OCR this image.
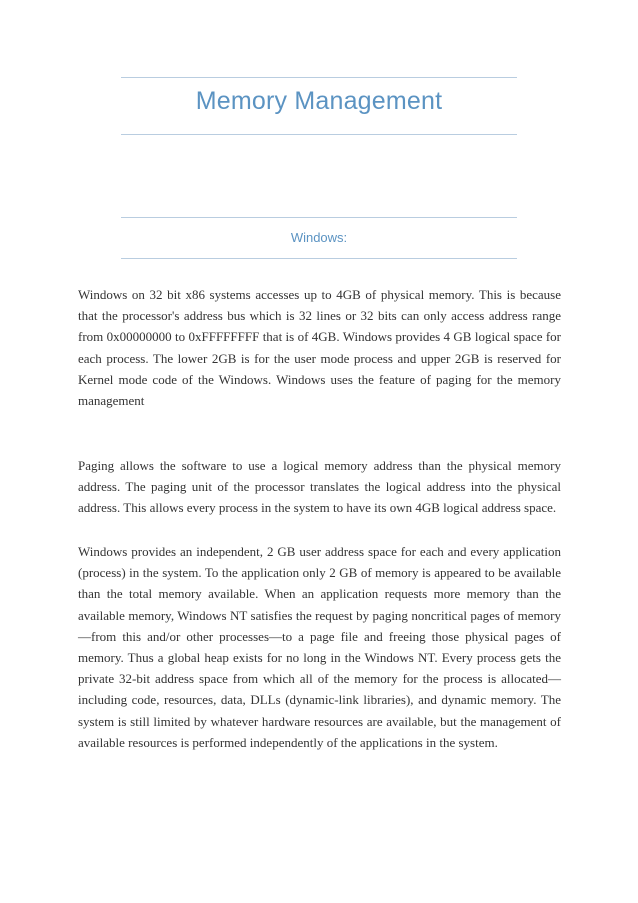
Memory Management
Windows:

Windows on 32 bit x86 systems accesses up to 4GB of physical memory. This is because that the processor's address bus which is 32 lines or 32 bits can only access address range from 0x00000000 to 0xFFFFFFFF that is of 4GB. Windows provides 4 GB logical space for each process. The lower 2GB is for the user mode process and upper 2GB is reserved for Kernel mode code of the Windows. Windows uses the feature of paging for the memory management

Paging allows the software to use a logical memory address than the physical memory address. The paging unit of the processor translates the logical address into the physical address. This allows every process in the system to have its own 4GB logical address space.

Windows provides an independent, 2 GB user address space for each and every application (process) in the system. To the application only 2 GB of memory is appeared to be available than the total memory available. When an application requests more memory than the available memory, Windows NT satisfies the request by paging noncritical pages of memory—from this and/or other processes—to a page file and freeing those physical pages of memory. Thus a global heap exists for no long in the Windows NT. Every process gets the private 32-bit address space from which all of the memory for the process is allocated—including code, resources, data, DLLs (dynamic-link libraries), and dynamic memory. The system is still limited by whatever hardware resources are available, but the management of available resources is performed independently of the applications in the system.
